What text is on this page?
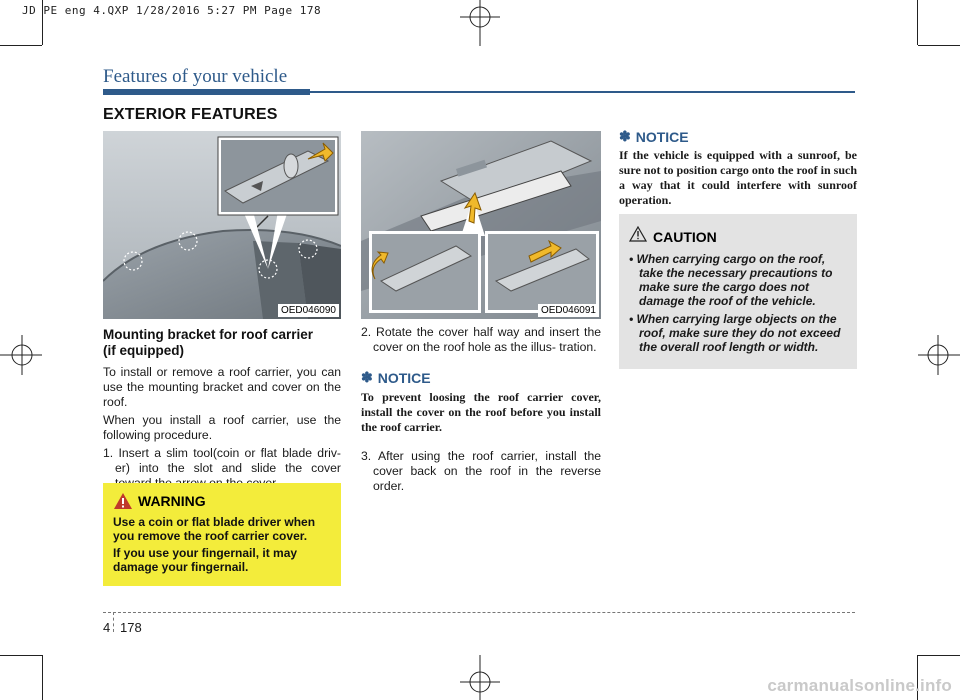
JD PE eng 4.QXP 1/28/2016 5:27 PM Page 178
Features of your vehicle
EXTERIOR FEATURES
OED046090
Mounting bracket for roof carrier
(if equipped)

To install or remove a roof carrier, you can use the mounting bracket and cover on the roof.

When you install a roof carrier, use the following procedure.

1. Insert a slim tool(coin or flat blade driv- er) into the slot and slide the cover

WARNING

Use a coin or flat blade driver when you remove the roof carrier cover.

If you use your fingernail, it may damage your fingernail.

OED046091

2. Rotate the cover half way and insert the cover on the roof hole as the illus- tration.

✽ NOTICE

To prevent loosing the roof carrier cover, install the cover on the roof before you install the roof carrier.

3. After using the roof carrier, install the cover back on the roof in the reverse order.

✽ NOTICE

If the vehicle is equipped with a sunroof, be sure not to position cargo onto the roof in such a way that it could interfere with sunroof operation.

CAUTION

• When carrying cargo on the roof, take the necessary precautions to make sure the cargo does not damage the roof of the vehicle.

• When carrying large objects on the roof, make sure they do not exceed the overall roof length or width.

4 178
carmanualsonline.info
